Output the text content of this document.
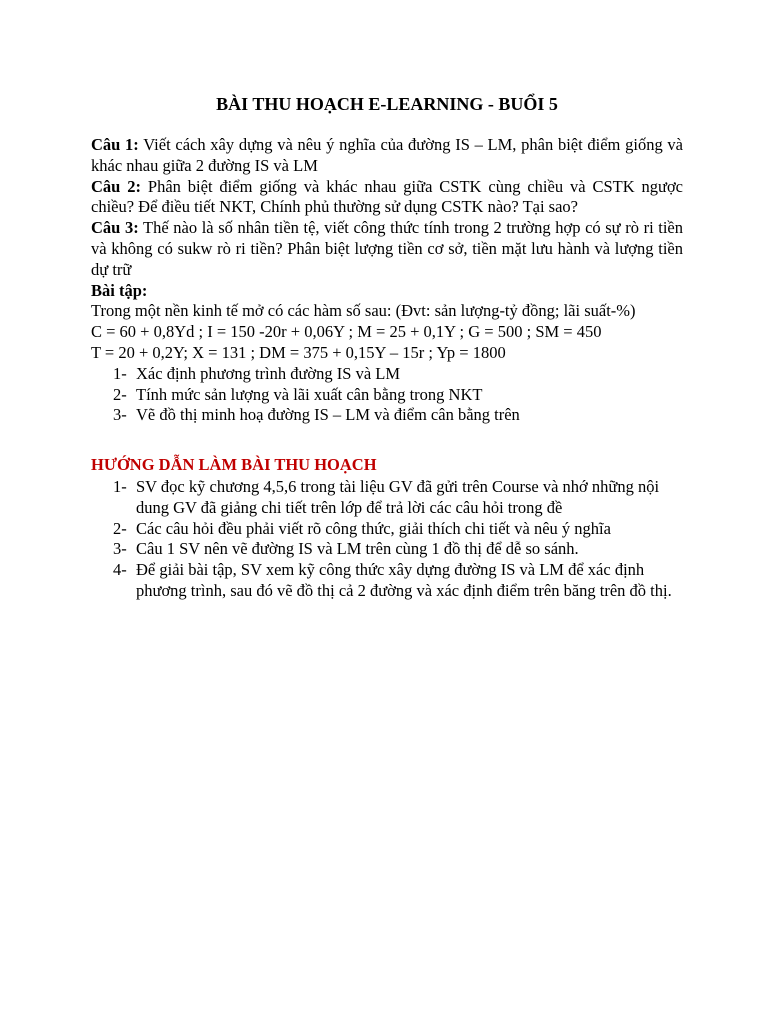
BÀI THU HOẠCH E-LEARNING - BUỔI 5

Câu 1: Viết cách xây dựng và nêu ý nghĩa của đường IS – LM, phân biệt điểm giống và khác nhau giữa 2 đường IS và LM

Câu 2: Phân biệt điểm giống và khác nhau giữa CSTK cùng chiều và CSTK ngược chiều? Để điều tiết NKT, Chính phủ thường sử dụng CSTK nào? Tại sao?

Câu 3: Thế nào là số nhân tiền tệ, viết công thức tính trong 2 trường hợp có sự rò ri tiền và không có sukw rò ri tiền? Phân biệt lượng tiền cơ sở, tiền mặt lưu hành và lượng tiền dự trữ

Bài tập:

Trong một nền kinh tế mở có các hàm số sau: (Đvt: sản lượng-tỷ đồng; lãi suất-%)

C = 60 + 0,8Yd ; I = 150 -20r + 0,06Y ; M = 25 + 0,1Y ; G = 500 ; SM = 450

T = 20 + 0,2Y; X = 131 ; DM = 375 + 0,15Y – 15r ; Yp = 1800

1- Xác định phương trình đường IS và LM
2- Tính mức sản lượng và lãi xuất cân bằng trong NKT
3- Vẽ đồ thị minh hoạ đường IS – LM và điểm cân bằng trên

HƯỚNG DẪN LÀM BÀI THU HOẠCH

1- SV đọc kỹ chương 4,5,6 trong tài liệu GV đã gửi trên Course và nhớ những nội dung GV đã giảng chi tiết trên lớp để trả lời các câu hỏi trong đề
2- Các câu hỏi đều phải viết rõ công thức, giải thích chi tiết và nêu ý nghĩa
3- Câu 1 SV nên vẽ đường IS và LM trên cùng 1 đồ thị để dễ so sánh.
4- Để giải bài tập, SV xem kỹ công thức xây dựng đường IS và LM để xác định phương trình, sau đó vẽ đồ thị cả 2 đường và xác định điểm trên băng trên đồ thị.
